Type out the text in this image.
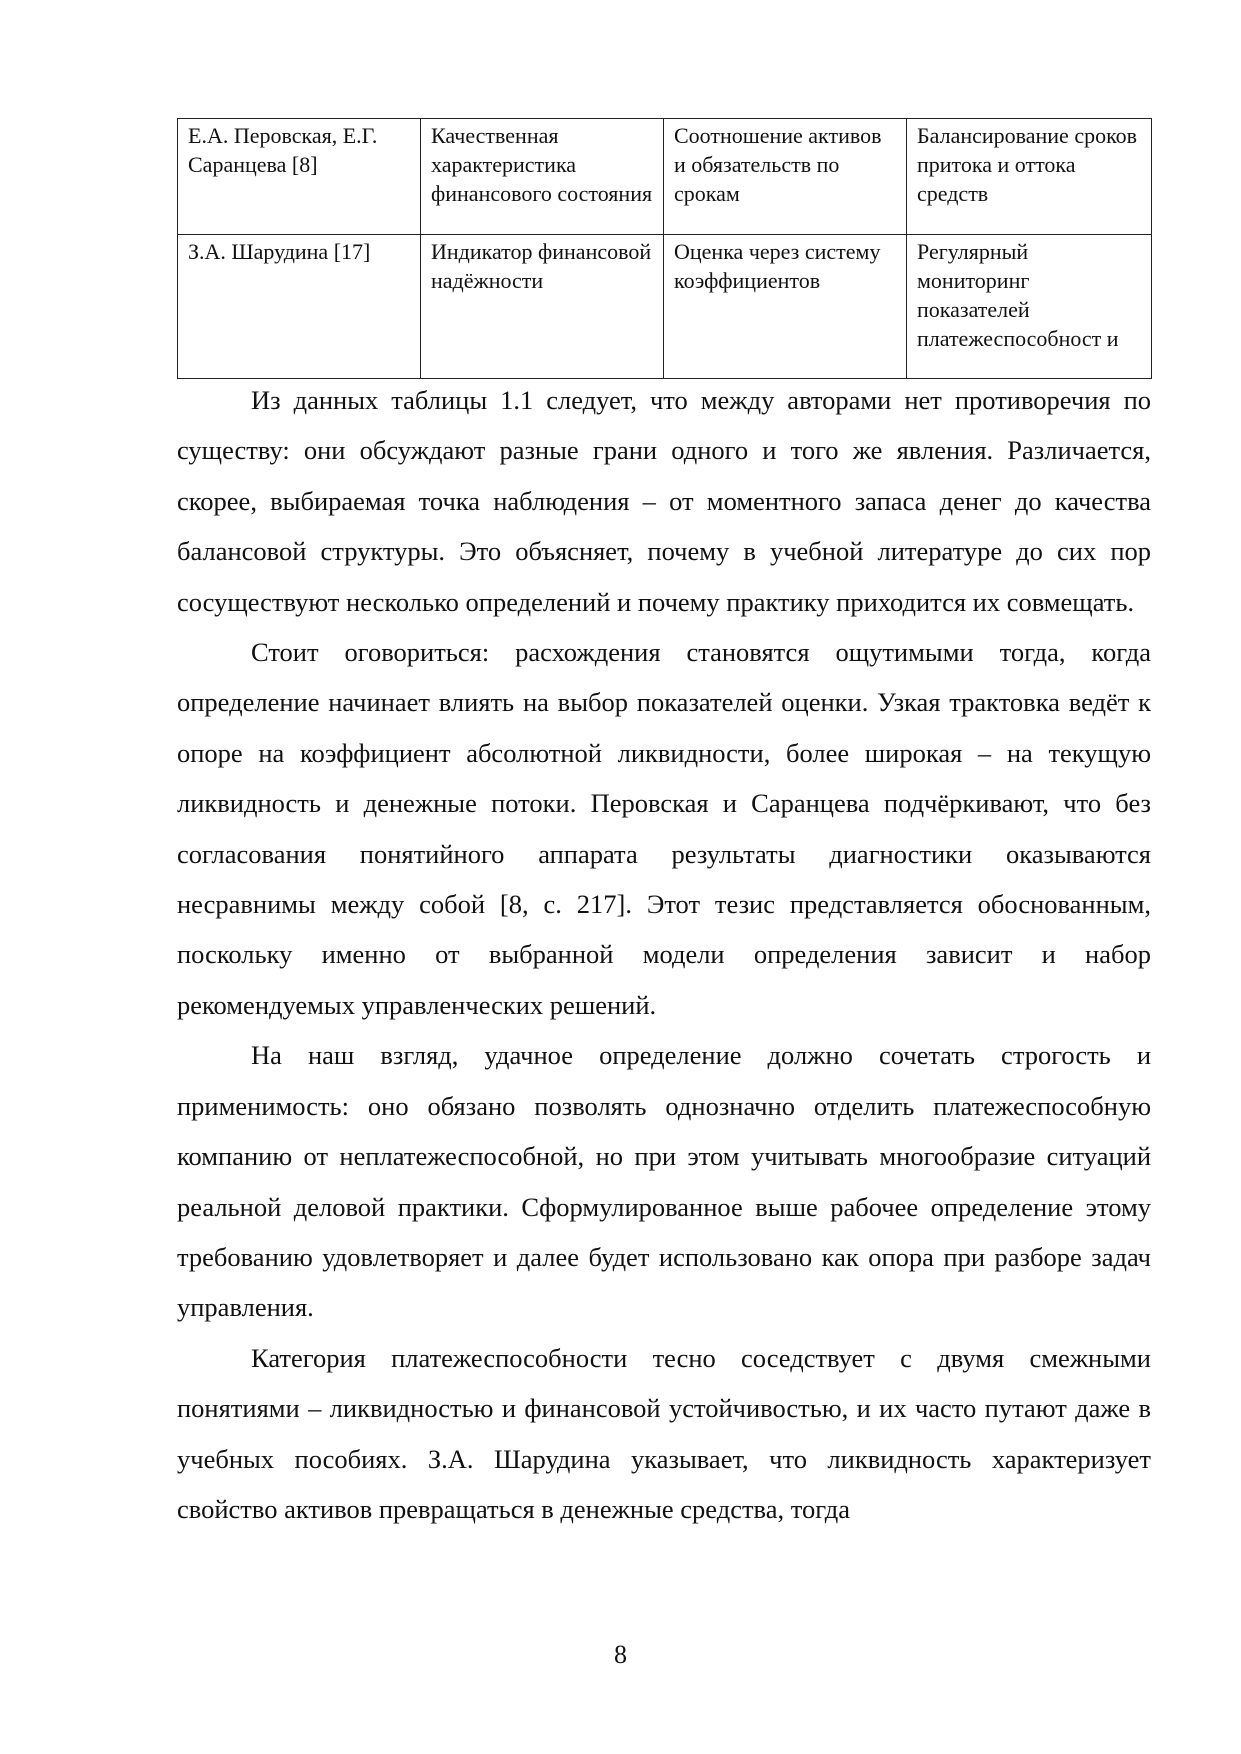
Е.А. Перовская, Е.Г. Саранцева [8]	Качественная характеристика финансового состояния	Соотношение активов и обязательств по срокам	Балансирование сроков притока и оттока средств
З.А. Шарудина [17]	Индикатор финансовой надёжности	Оценка через систему коэффициентов	Регулярный мониторинг показателей платежеспособност и

Из данных таблицы 1.1 следует, что между авторами нет противоречия по существу: они обсуждают разные грани одного и того же явления. Различается, скорее, выбираемая точка наблюдения – от моментного запаса денег до качества балансовой структуры. Это объясняет, почему в учебной литературе до сих пор сосуществуют несколько определений и почему практику приходится их совмещать.

Стоит оговориться: расхождения становятся ощутимыми тогда, когда определение начинает влиять на выбор показателей оценки. Узкая трактовка ведёт к опоре на коэффициент абсолютной ликвидности, более широкая – на текущую ликвидность и денежные потоки. Перовская и Саранцева подчёркивают, что без согласования понятийного аппарата результаты диагностики оказываются несравнимы между собой [8, с. 217]. Этот тезис представляется обоснованным, поскольку именно от выбранной модели определения зависит и набор рекомендуемых управленческих решений.

На наш взгляд, удачное определение должно сочетать строгость и применимость: оно обязано позволять однозначно отделить платежеспособную компанию от неплатежеспособной, но при этом учитывать многообразие ситуаций реальной деловой практики. Сформулированное выше рабочее определение этому требованию удовлетворяет и далее будет использовано как опора при разборе задач управления.

Категория платежеспособности тесно соседствует с двумя смежными понятиями – ликвидностью и финансовой устойчивостью, и их часто путают даже в учебных пособиях. З.А. Шарудина указывает, что ликвидность характеризует свойство активов превращаться в денежные средства, тогда

8
